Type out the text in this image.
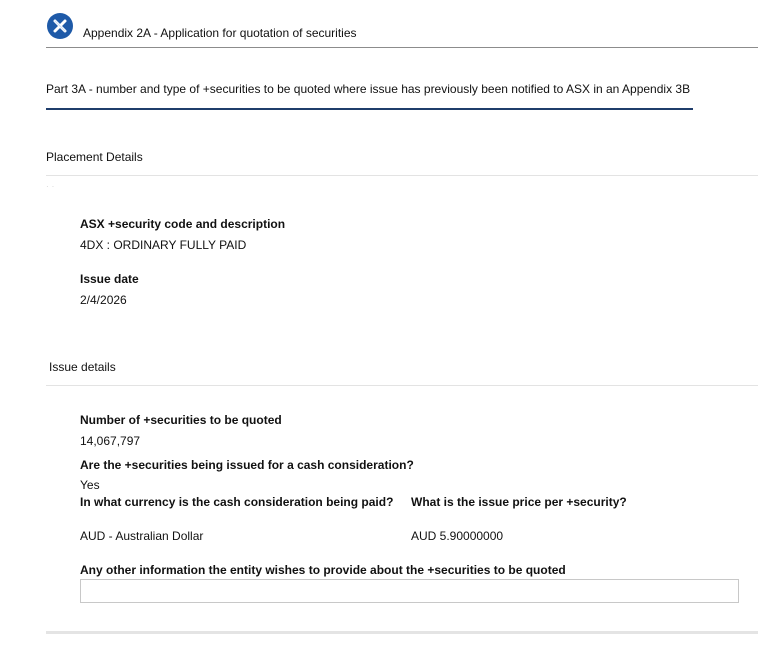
Appendix 2A - Application for quotation of securities
Part 3A - number and type of +securities to be quoted where issue has previously been notified to ASX in an Appendix 3B
Placement Details
··
ASX +security code and description
4DX : ORDINARY FULLY PAID
Issue date
2/4/2026
Issue details
Number of +securities to be quoted
14,067,797
Are the +securities being issued for a cash consideration?
Yes
In what currency is the cash consideration being paid? What is the issue price per +security?
AUD - Australian Dollar	AUD 5.90000000
Any other information the entity wishes to provide about the +securities to be quoted
